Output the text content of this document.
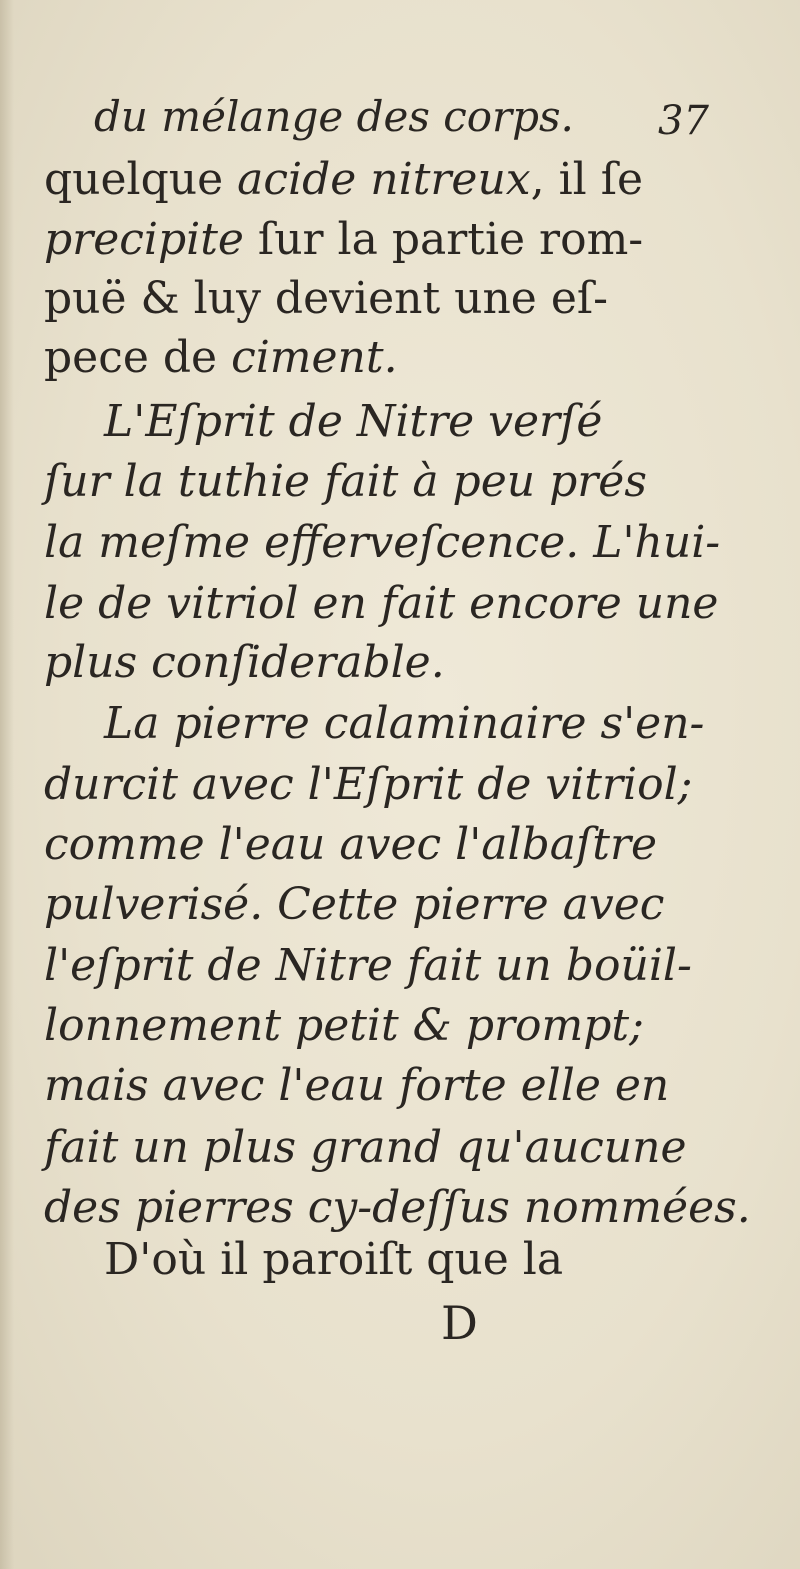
du mélange des corps.	37
quelque acide nitreux, il ſe
precipite ſur la partie rom-
puë & luy devient une eſ-
pece de ciment.
L'Eſprit de Nitre verſé
ſur la tuthie fait à peu prés
la meſme efferveſcence. L'hui-
le de vitriol en fait encore une
plus conſiderable.
La pierre calaminaire s'en-
durcit avec l'Eſprit de vitriol;
comme l'eau avec l'albaſtre
pulverisé. Cette pierre avec
l'eſprit de Nitre fait un boüil-
lonnement petit & prompt;
mais avec l'eau forte elle en
fait un plus grand qu'aucune
des pierres cy-deſſus nommées.
D'où il paroiſt que la
D
